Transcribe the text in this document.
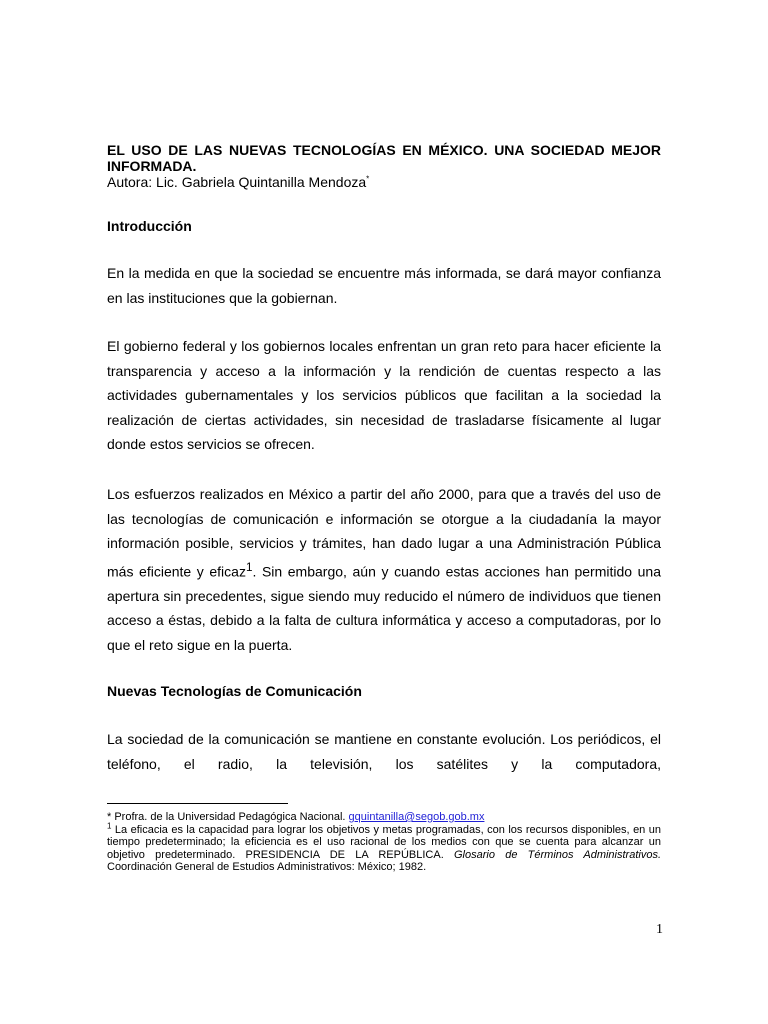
EL USO DE LAS NUEVAS TECNOLOGÍAS EN MÉXICO. UNA SOCIEDAD MEJOR INFORMADA.

Autora: Lic. Gabriela Quintanilla Mendoza*

Introducción

En la medida en que la sociedad se encuentre más informada, se dará mayor confianza en las instituciones que la gobiernan.

El gobierno federal y los gobiernos locales enfrentan un gran reto para hacer eficiente la transparencia y acceso a la información y la rendición de cuentas respecto a las actividades gubernamentales y los servicios públicos que facilitan a la sociedad la realización de ciertas actividades, sin necesidad de trasladarse físicamente al lugar donde estos servicios se ofrecen.

Los esfuerzos realizados en México a partir del año 2000, para que a través del uso de las tecnologías de comunicación e información se otorgue a la ciudadanía la mayor información posible, servicios y trámites, han dado lugar a una Administración Pública más eficiente y eficaz$^1$. Sin embargo, aún y cuando estas acciones han permitido una apertura sin precedentes, sigue siendo muy reducido el número de individuos que tienen acceso a éstas, debido a la falta de cultura informática y acceso a computadoras, por lo que el reto sigue en la puerta.

Nuevas Tecnologías de Comunicación

La sociedad de la comunicación se mantiene en constante evolución. Los periódicos, el teléfono, el radio, la televisión, los satélites y la computadora,

* Profra. de la Universidad Pedagógica Nacional. gquintanilla@segob.gob.mx

$^1$ La eficacia es la capacidad para lograr los objetivos y metas programadas, con los recursos disponibles, en un tiempo predeterminado; la eficiencia es el uso racional de los medios con que se cuenta para alcanzar un objetivo predeterminado. PRESIDENCIA DE LA REPÚBLICA. Glosario de Términos Administrativos. Coordinación General de Estudios Administrativos: México; 1982.

1
